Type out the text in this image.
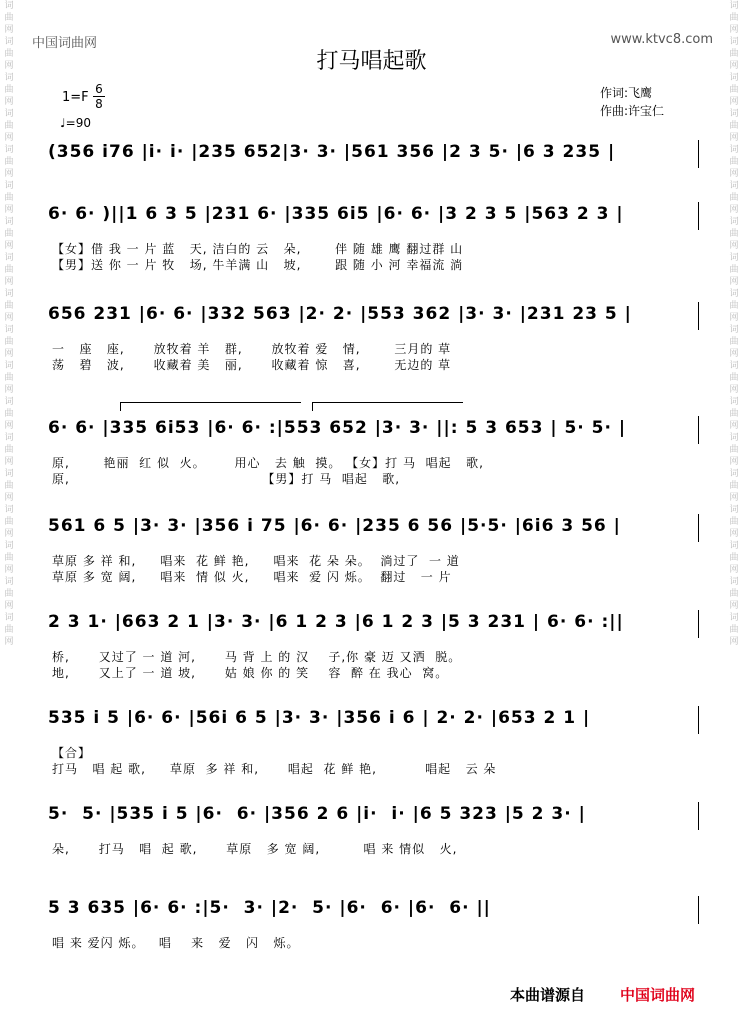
词曲网 词曲网 词曲网 词曲网 词曲网 词曲网 词曲网 词曲网 词曲网 词曲网 词曲网 词曲网 词曲网 词曲网 词曲网 词曲网 词曲网 词曲网
词曲网 词曲网 词曲网 词曲网 词曲网 词曲网 词曲网 词曲网 词曲网 词曲网 词曲网 词曲网 词曲网 词曲网 词曲网 词曲网 词曲网 词曲网
中国词曲网	www.ktvc8.com
打马唱起歌
$1=F \frac{6}{8}$
♩=90
作词:飞鹰
作曲:许宝仁
(356 i76 |i· i· |235 652|3· 3· |561 356 |2 3 5· |6 3 235 |
6· 6· )||1 6 3 5 |231 6· |335 6i5 |6· 6· |3 2 3 5 |563 2 3 |
【女】借 我 一 片 蓝   天, 洁白的 云   朵,       伴 随 雄 鹰 翻过群 山
【男】送 你 一 片 牧   场, 牛羊满 山   坡,       跟 随 小 河 幸福流 淌
656 231 |6· 6· |332 563 |2· 2· |553 362 |3· 3· |231 23 5 |
一   座   座,      放牧着 羊   群,      放牧着 爱   情,       三月的 草
荡   碧   波,      收藏着 美   丽,      收藏着 惊   喜,       无边的 草
6· 6· |335 6i53 |6· 6· :|553 652 |3· 3· ||: 5 3 653 | 5· 5· |
原,       艳丽  红 似  火。      用心   去 触  摸。 【女】打 马  唱起   歌,
原,                                        【男】打 马  唱起   歌,
561 6 5 |3· 3· |356 i 75 |6· 6· |235 6 56 |5·5· |6i6 3 56 |
草原 多 祥 和,     唱来  花 鲜 艳,     唱来  花 朵 朵。  淌过了  一 道
草原 多 宽 阔,     唱来  情 似 火,     唱来  爱 闪 烁。  翻过   一 片
2 3 1· |663 2 1 |3· 3· |6 1 2 3 |6 1 2 3 |5 3 231 | 6· 6· :||
桥,      又过了 一 道 河,      马 背 上 的 汉    子,你 豪 迈 又洒  脱。
地,      又上了 一 道 坡,      姑 娘 你 的 笑    容  醉 在 我心  窝。
535 i 5 |6· 6· |56i 6 5 |3· 3· |356 i 6 | 2· 2· |653 2 1 |
【合】
打马   唱 起 歌,     草原  多 祥 和,      唱起  花 鲜 艳,          唱起   云 朵
5·  5· |535 i 5 |6·  6· |356 2 6 |i·  i· |6 5 323 |5 2 3· |
朵,      打马   唱  起 歌,      草原   多 宽 阔,         唱 来 情似   火,
5 3 635 |6· 6· :|5·  3· |2·  5· |6·  6· |6·  6· ||
唱 来 爱闪 烁。   唱    来   爱   闪   烁。
本曲谱源自 中国词曲网
